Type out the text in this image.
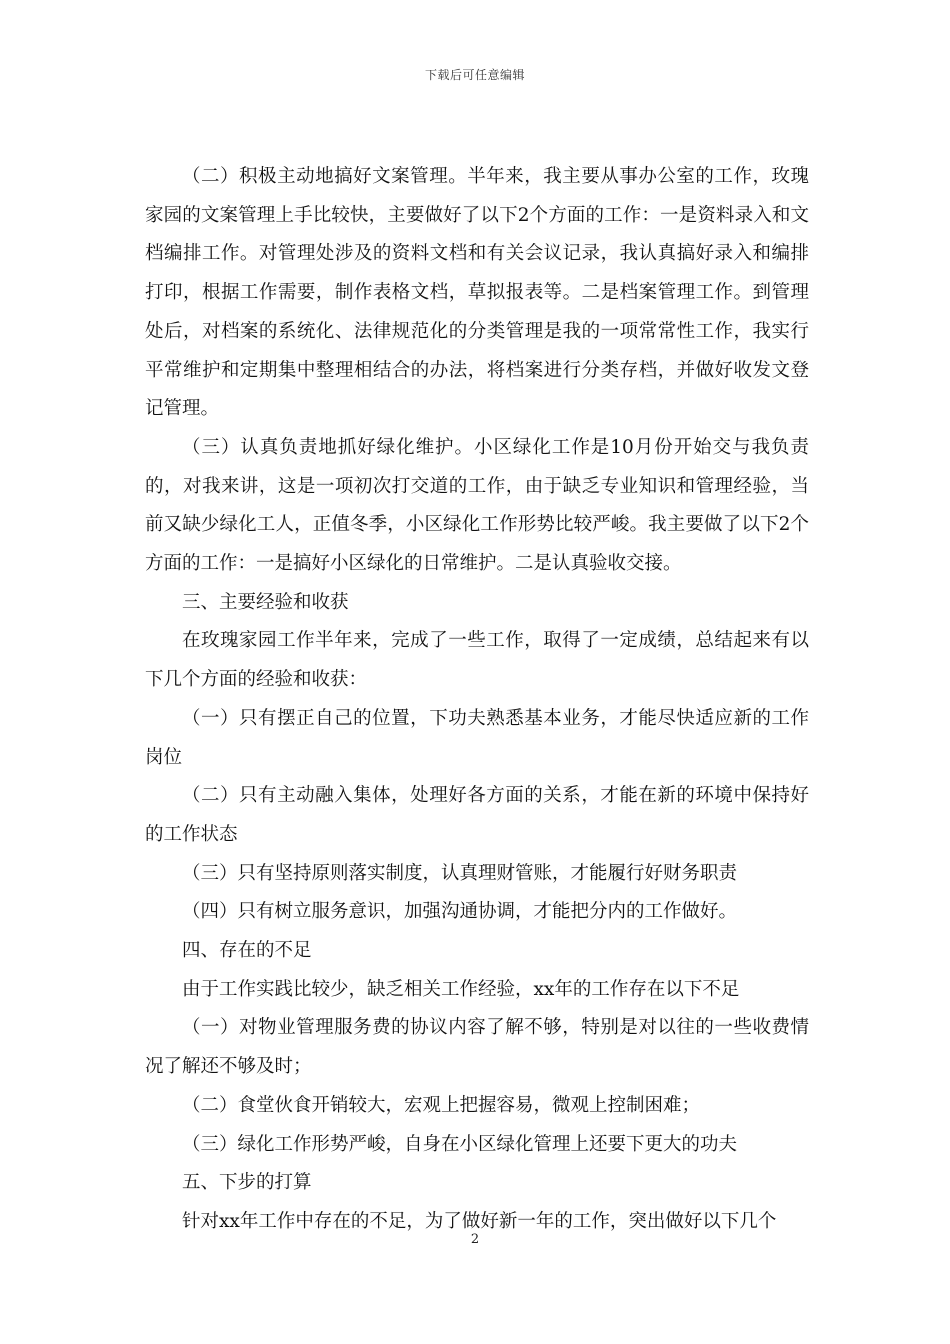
下载后可任意编辑

（二）积极主动地搞好文案管理。半年来，我主要从事办公室的工作，玫瑰家园的文案管理上手比较快，主要做好了以下2个方面的工作：一是资料录入和文档编排工作。对管理处涉及的资料文档和有关会议记录，我认真搞好录入和编排打印，根据工作需要，制作表格文档，草拟报表等。二是档案管理工作。到管理处后，对档案的系统化、法律规范化的分类管理是我的一项常常性工作，我实行平常维护和定期集中整理相结合的办法，将档案进行分类存档，并做好收发文登记管理。

（三）认真负责地抓好绿化维护。小区绿化工作是10月份开始交与我负责的，对我来讲，这是一项初次打交道的工作，由于缺乏专业知识和管理经验，当前又缺少绿化工人，正值冬季，小区绿化工作形势比较严峻。我主要做了以下2个方面的工作：一是搞好小区绿化的日常维护。二是认真验收交接。

三、主要经验和收获

在玫瑰家园工作半年来，完成了一些工作，取得了一定成绩，总结起来有以下几个方面的经验和收获：

（一）只有摆正自己的位置，下功夫熟悉基本业务，才能尽快适应新的工作岗位

（二）只有主动融入集体，处理好各方面的关系，才能在新的环境中保持好的工作状态

（三）只有坚持原则落实制度，认真理财管账，才能履行好财务职责

（四）只有树立服务意识，加强沟通协调，才能把分内的工作做好。

四、存在的不足

由于工作实践比较少，缺乏相关工作经验，xx年的工作存在以下不足

（一）对物业管理服务费的协议内容了解不够，特别是对以往的一些收费情况了解还不够及时；

（二）食堂伙食开销较大，宏观上把握容易，微观上控制困难；

（三）绿化工作形势严峻，自身在小区绿化管理上还要下更大的功夫

五、下步的打算

针对xx年工作中存在的不足，为了做好新一年的工作，突出做好以下几个

2
